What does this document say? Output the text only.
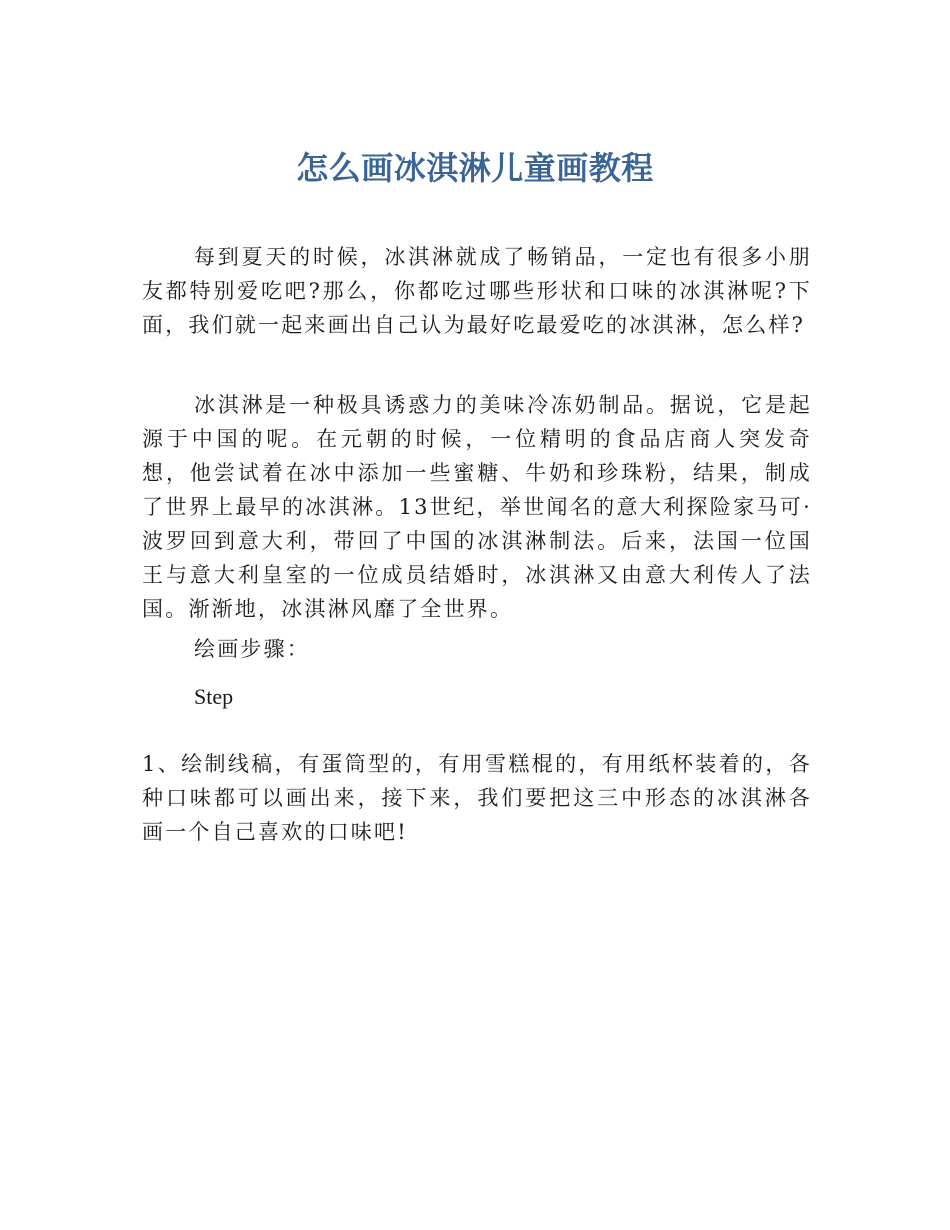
怎么画冰淇淋儿童画教程

每到夏天的时候，冰淇淋就成了畅销品，一定也有很多小朋友都特别爱吃吧?那么，你都吃过哪些形状和口味的冰淇淋呢?下面，我们就一起来画出自己认为最好吃最爱吃的冰淇淋，怎么样?

冰淇淋是一种极具诱惑力的美味冷冻奶制品。据说，它是起源于中国的呢。在元朝的时候，一位精明的食品店商人突发奇想，他尝试着在冰中添加一些蜜糖、牛奶和珍珠粉，结果，制成了世界上最早的冰淇淋。13世纪，举世闻名的意大利探险家马可·波罗回到意大利，带回了中国的冰淇淋制法。后来，法国一位国王与意大利皇室的一位成员结婚时，冰淇淋又由意大利传人了法国。渐渐地，冰淇淋风靡了全世界。

绘画步骤：

Step

1、绘制线稿，有蛋筒型的，有用雪糕棍的，有用纸杯装着的，各种口味都可以画出来，接下来，我们要把这三中形态的冰淇淋各画一个自己喜欢的口味吧!
